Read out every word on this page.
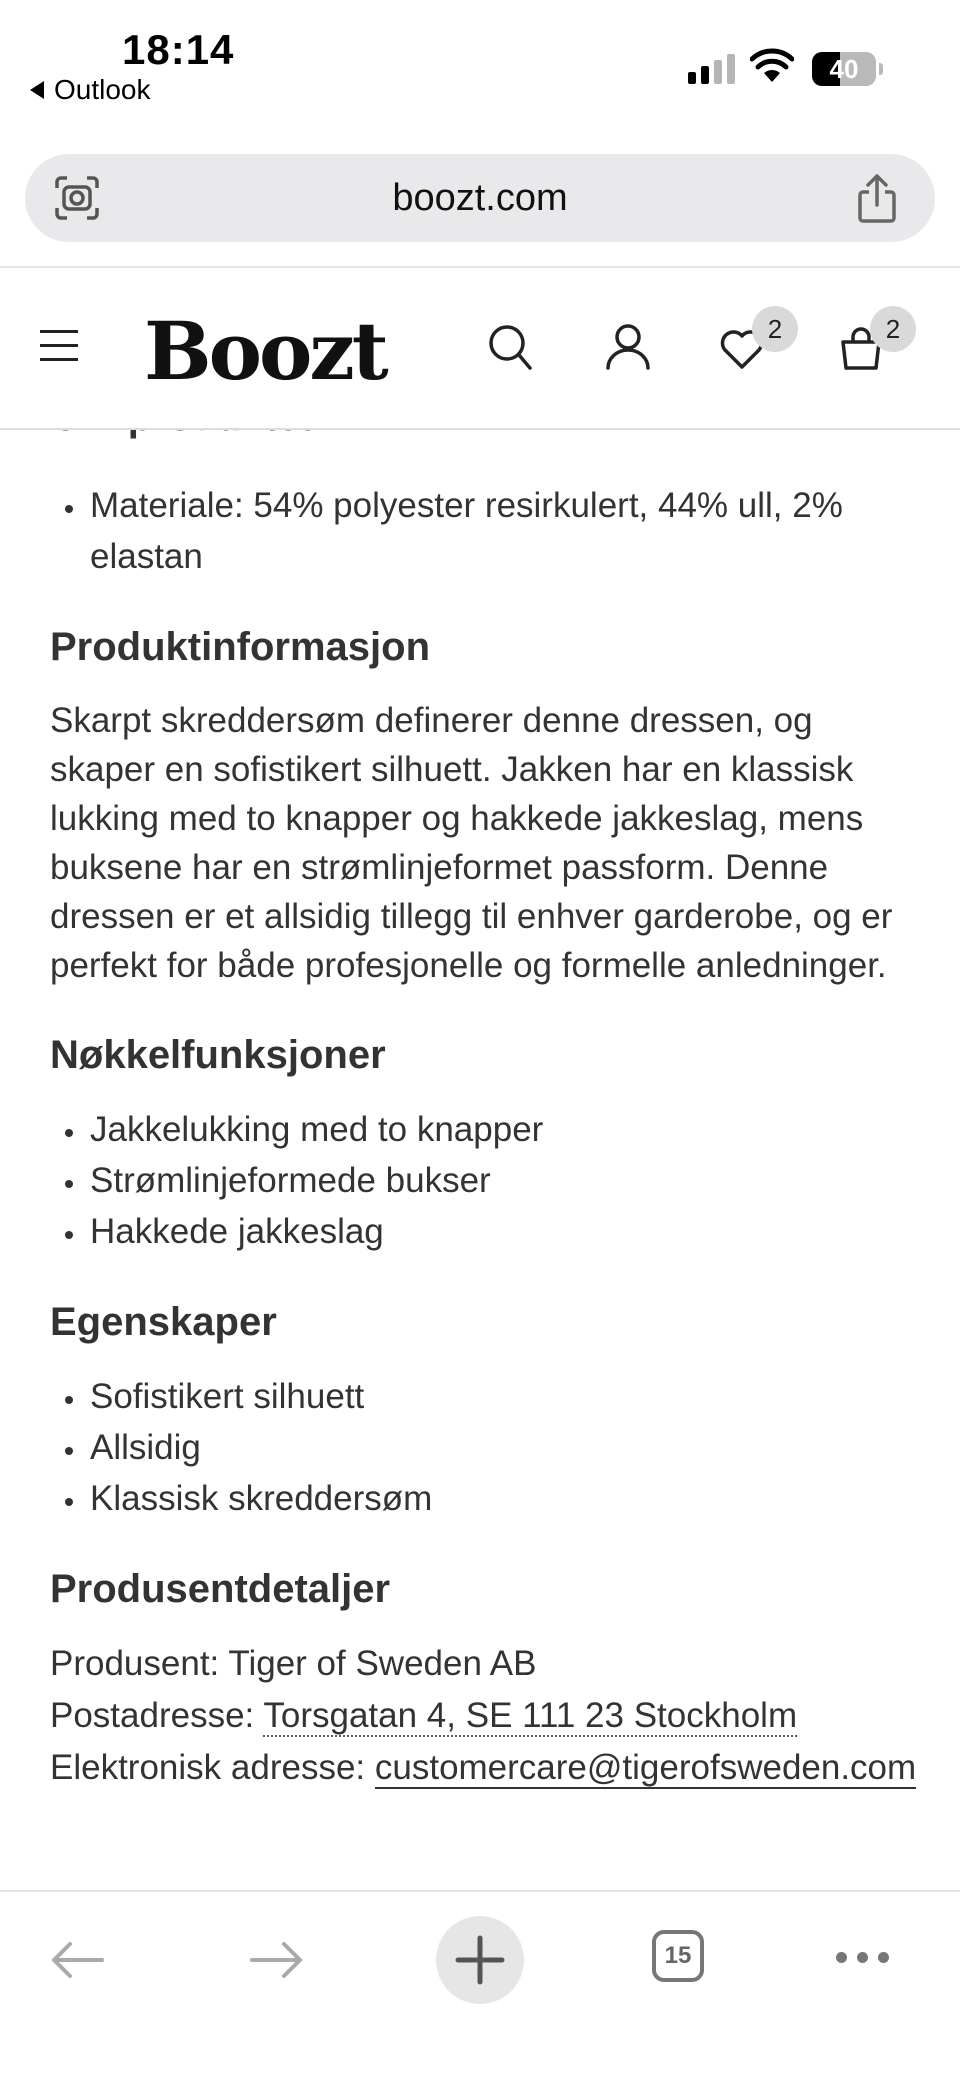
18:14
Outlook
40
boozt.com
Boozt	2	2
• Materiale: 54% polyester resirkulert, 44% ull, 2% elastan
Produktinformasjon

Skarpt skreddersøm definerer denne dressen, og skaper en sofistikert silhuett. Jakken har en klassisk lukking med to knapper og hakkede jakkeslag, mens buksene har en strømlinjeformet passform. Denne dressen er et allsidig tillegg til enhver garderobe, og er perfekt for både profesjonelle og formelle anledninger.

Nøkkelfunksjoner
• Jakkelukking med to knapper
• Strømlinjeformede bukser
• Hakkede jakkeslag
Egenskaper
• Sofistikert silhuett
• Allsidig
• Klassisk skreddersøm
Produsentdetaljer

Produsent: Tiger of Sweden AB
Postadresse: Torsgatan 4, SE 111 23 Stockholm
Elektronisk adresse: customercare@tigerofsweden.com

15
